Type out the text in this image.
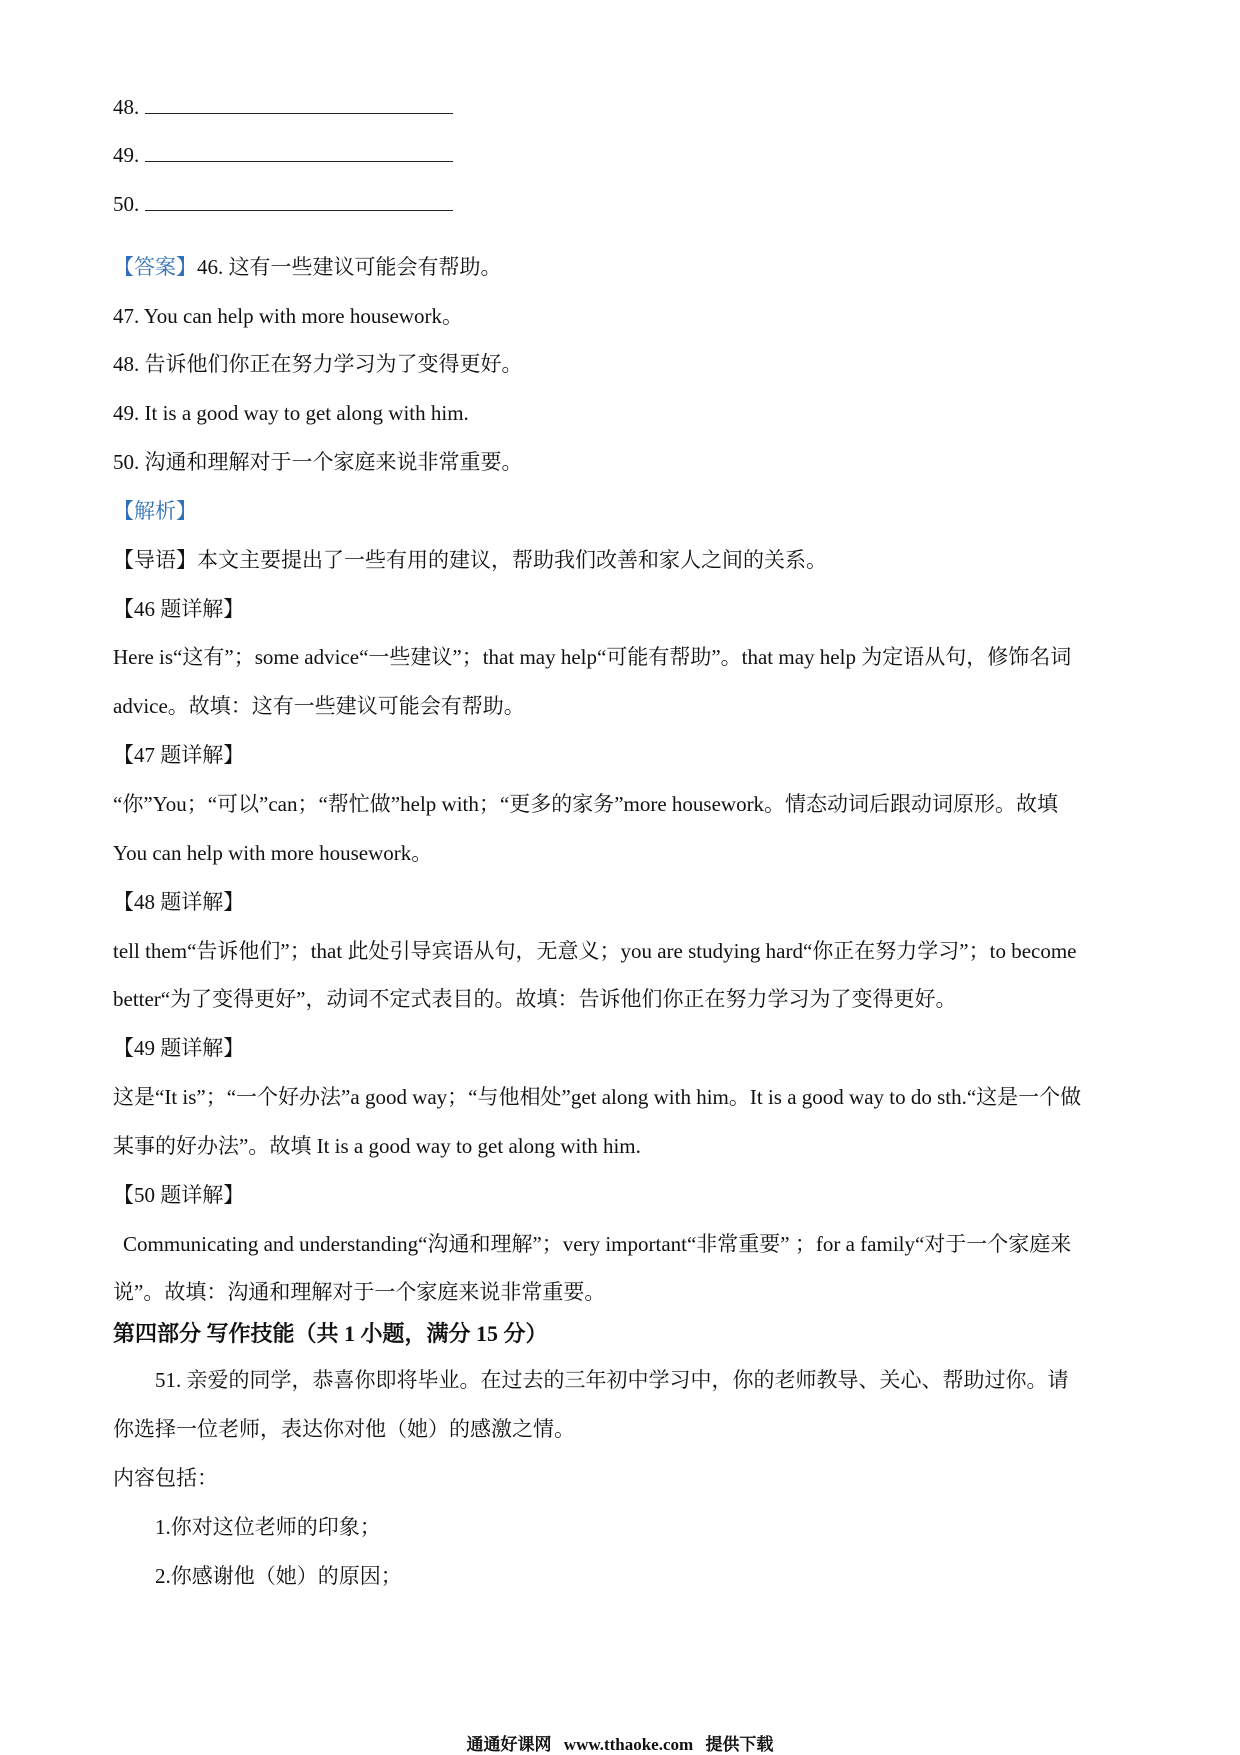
48.
49.
50.
【答案】46. 这有一些建议可能会有帮助。
47. You can help with more housework。
48. 告诉他们你正在努力学习为了变得更好。
49. It is a good way to get along with him.
50. 沟通和理解对于一个家庭来说非常重要。
【解析】
【导语】本文主要提出了一些有用的建议，帮助我们改善和家人之间的关系。
【46 题详解】
Here is“这有”；some advice“一些建议”；that may help“可能有帮助”。that may help 为定语从句，修饰名词
advice。故填：这有一些建议可能会有帮助。
【47 题详解】
“你”You；“可以”can；“帮忙做”help with；“更多的家务”more housework。情态动词后跟动词原形。故填
You can help with more housework。
【48 题详解】
tell them“告诉他们”；that 此处引导宾语从句，无意义；you are studying hard“你正在努力学习”；to become
better“为了变得更好”，动词不定式表目的。故填：告诉他们你正在努力学习为了变得更好。
【49 题详解】
这是“It is”；“一个好办法”a good way；“与他相处”get along with him。It is a good way to do sth.“这是一个做
某事的好办法”。故填 It is a good way to get along with him.
【50 题详解】
Communicating and understanding“沟通和理解”；very important“非常重要” ；for a family“对于一个家庭来
说”。故填：沟通和理解对于一个家庭来说非常重要。
第四部分 写作技能（共 1 小题，满分 15 分）
51. 亲爱的同学，恭喜你即将毕业。在过去的三年初中学习中，你的老师教导、关心、帮助过你。请
你选择一位老师，表达你对他（她）的感激之情。
内容包括：
1.你对这位老师的印象；
2.你感谢他（她）的原因；
通通好课网 www.tthaoke.com 提供下载
